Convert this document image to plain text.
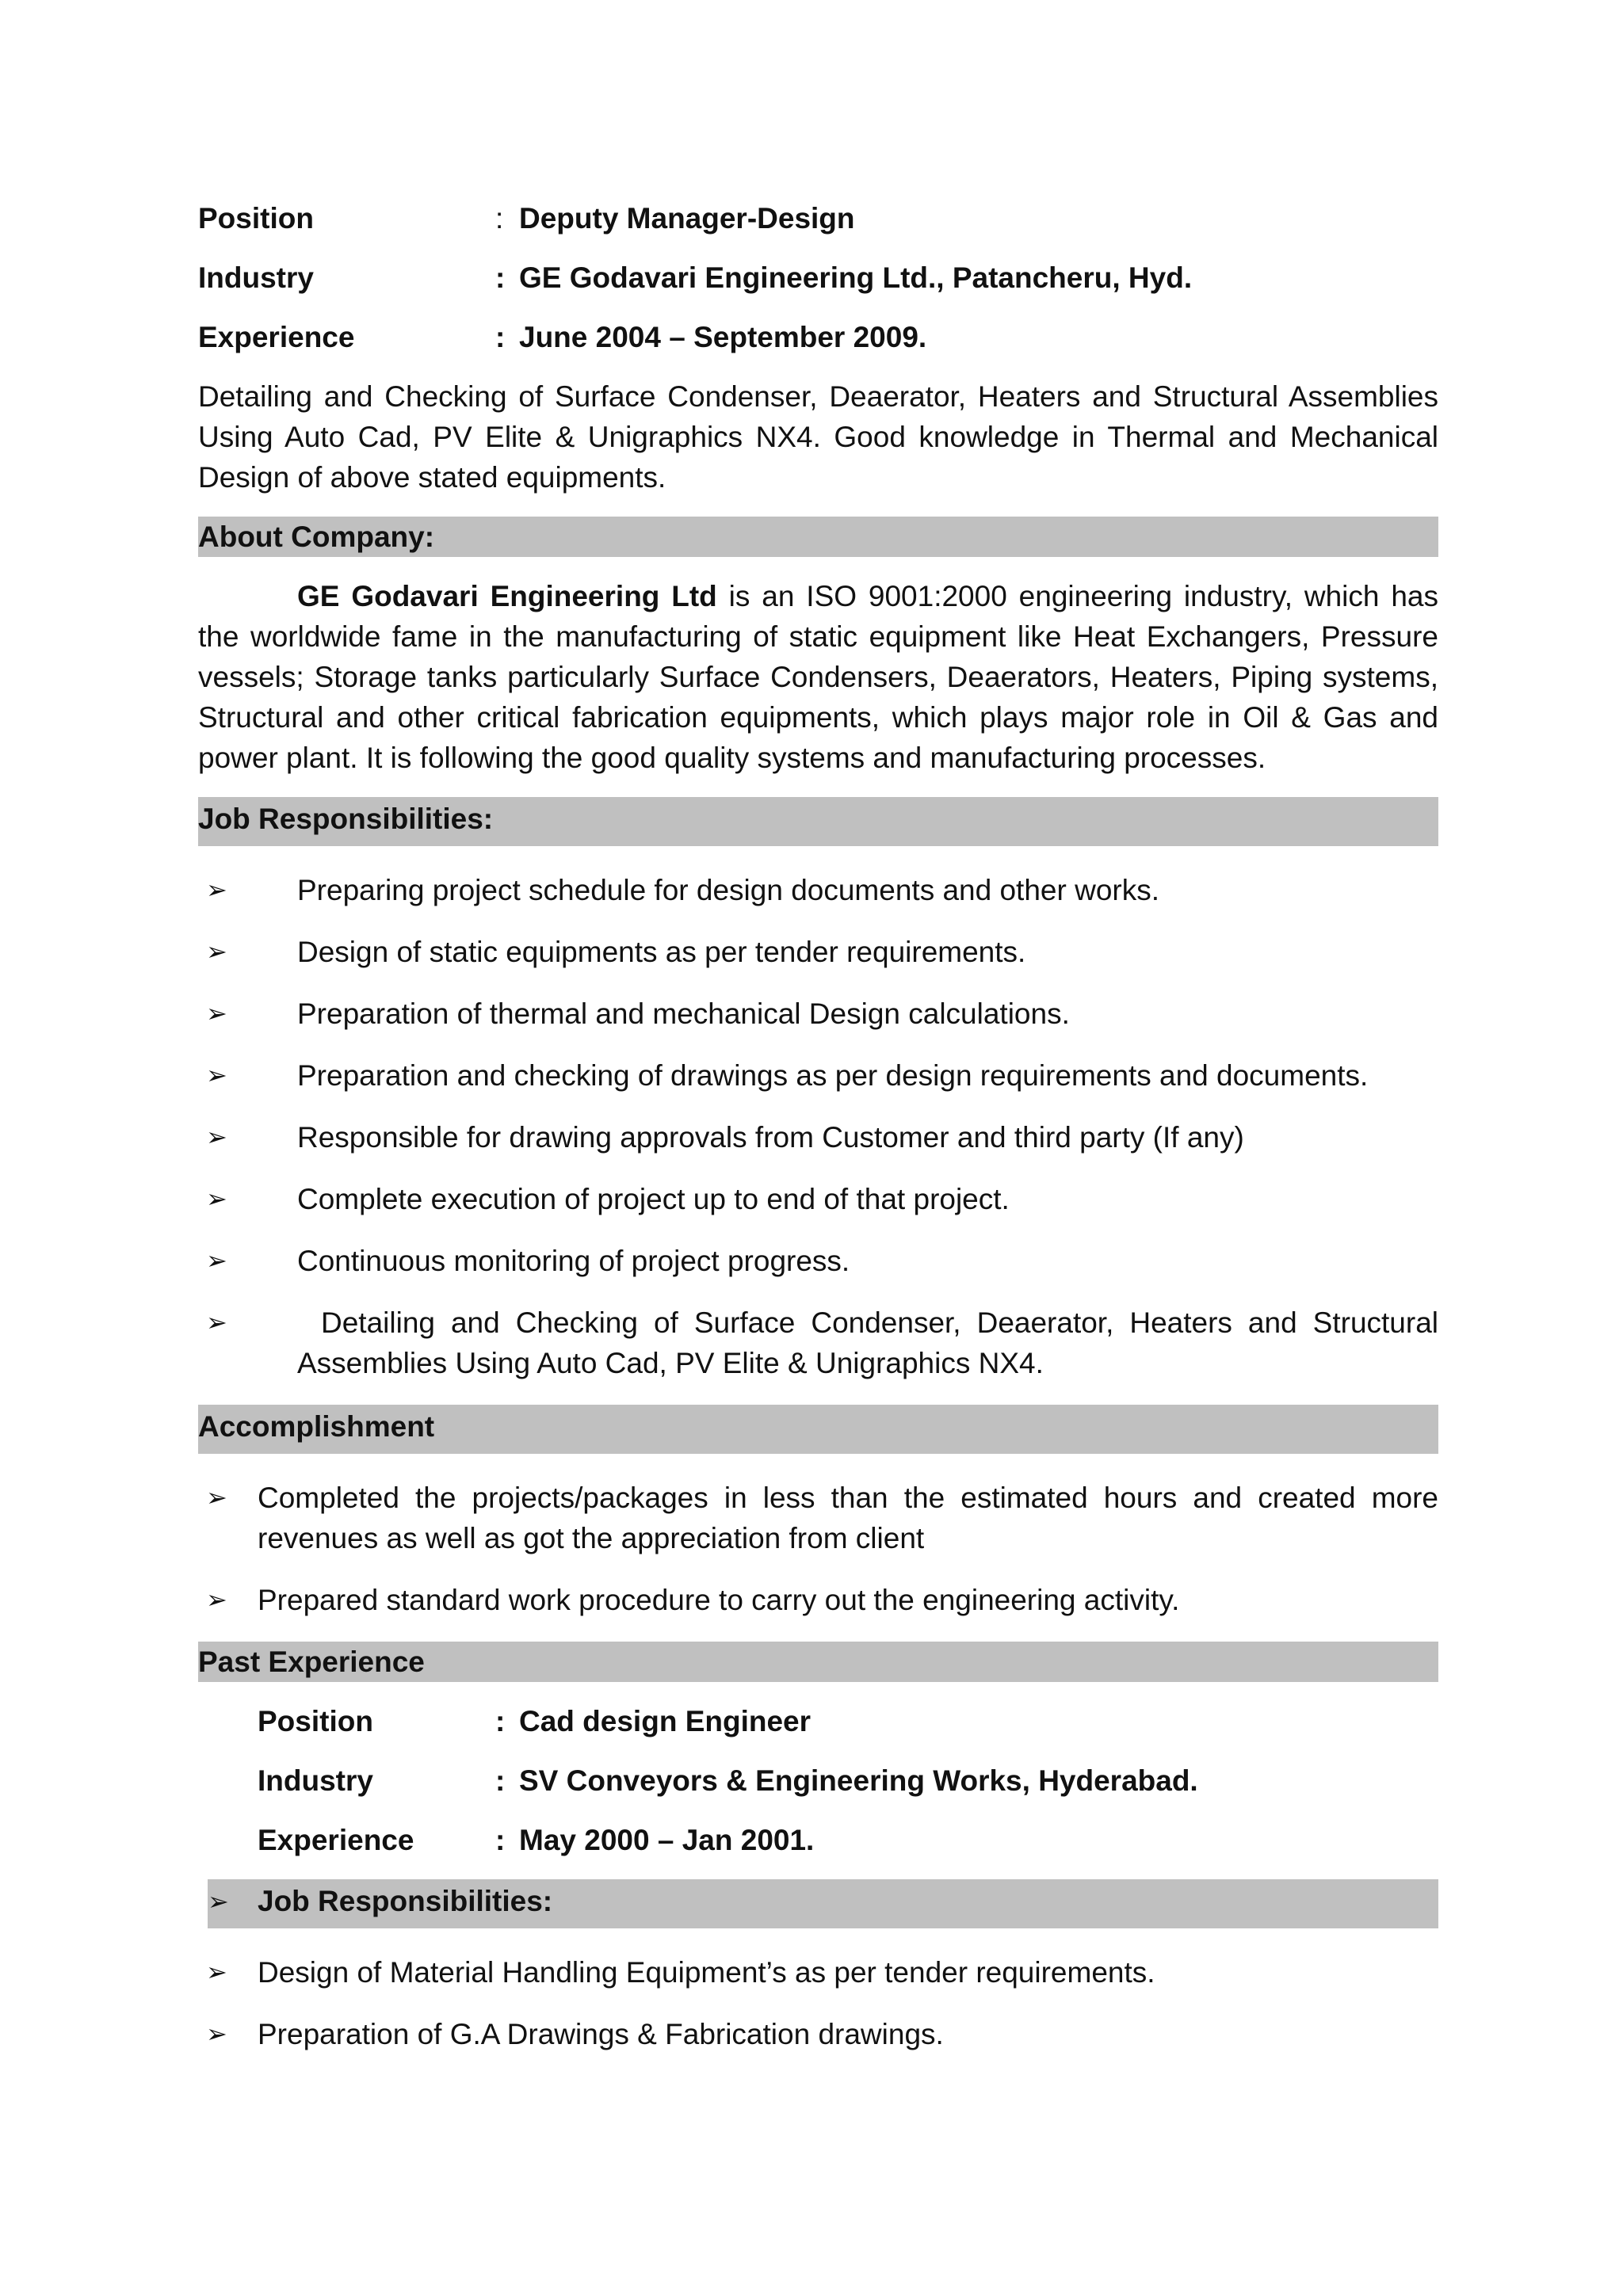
Position	: Deputy Manager-Design
Industry	: GE Godavari Engineering Ltd., Patancheru, Hyd.
Experience	: June 2004 – September 2009.

Detailing and Checking of Surface Condenser, Deaerator, Heaters and Structural Assemblies Using Auto Cad, PV Elite & Unigraphics NX4. Good knowledge in Thermal and Mechanical Design of above stated equipments.

About Company:

GE Godavari Engineering Ltd is an ISO 9001:2000 engineering industry, which has the worldwide fame in the manufacturing of static equipment like Heat Exchangers, Pressure vessels; Storage tanks particularly Surface Condensers, Deaerators, Heaters, Piping systems, Structural and other critical fabrication equipments, which plays major role in Oil & Gas and power plant. It is following the good quality systems and manufacturing processes.

Job Responsibilities:
➢	Preparing project schedule for design documents and other works.
➢	Design of static equipments as per tender requirements.
➢	Preparation of thermal and mechanical Design calculations.
➢	Preparation and checking of drawings as per design requirements and documents.
➢	Responsible for drawing approvals from Customer and third party (If any)
➢	Complete execution of project up to end of that project.
➢	Continuous monitoring of project progress.
➢	Detailing and Checking of Surface Condenser, Deaerator, Heaters and Structural Assemblies Using Auto Cad, PV Elite & Unigraphics NX4.
Accomplishment
➢	Completed the projects/packages in less than the estimated hours and created more revenues as well as got the appreciation from client
➢	Prepared standard work procedure to carry out the engineering activity.
Past Experience
Position	: Cad design Engineer
Industry	: SV Conveyors & Engineering Works, Hyderabad.
Experience	: May 2000 – Jan 2001.
➢ Job Responsibilities:
➢	Design of Material Handling Equipment’s as per tender requirements.
➢	Preparation of G.A Drawings & Fabrication drawings.
